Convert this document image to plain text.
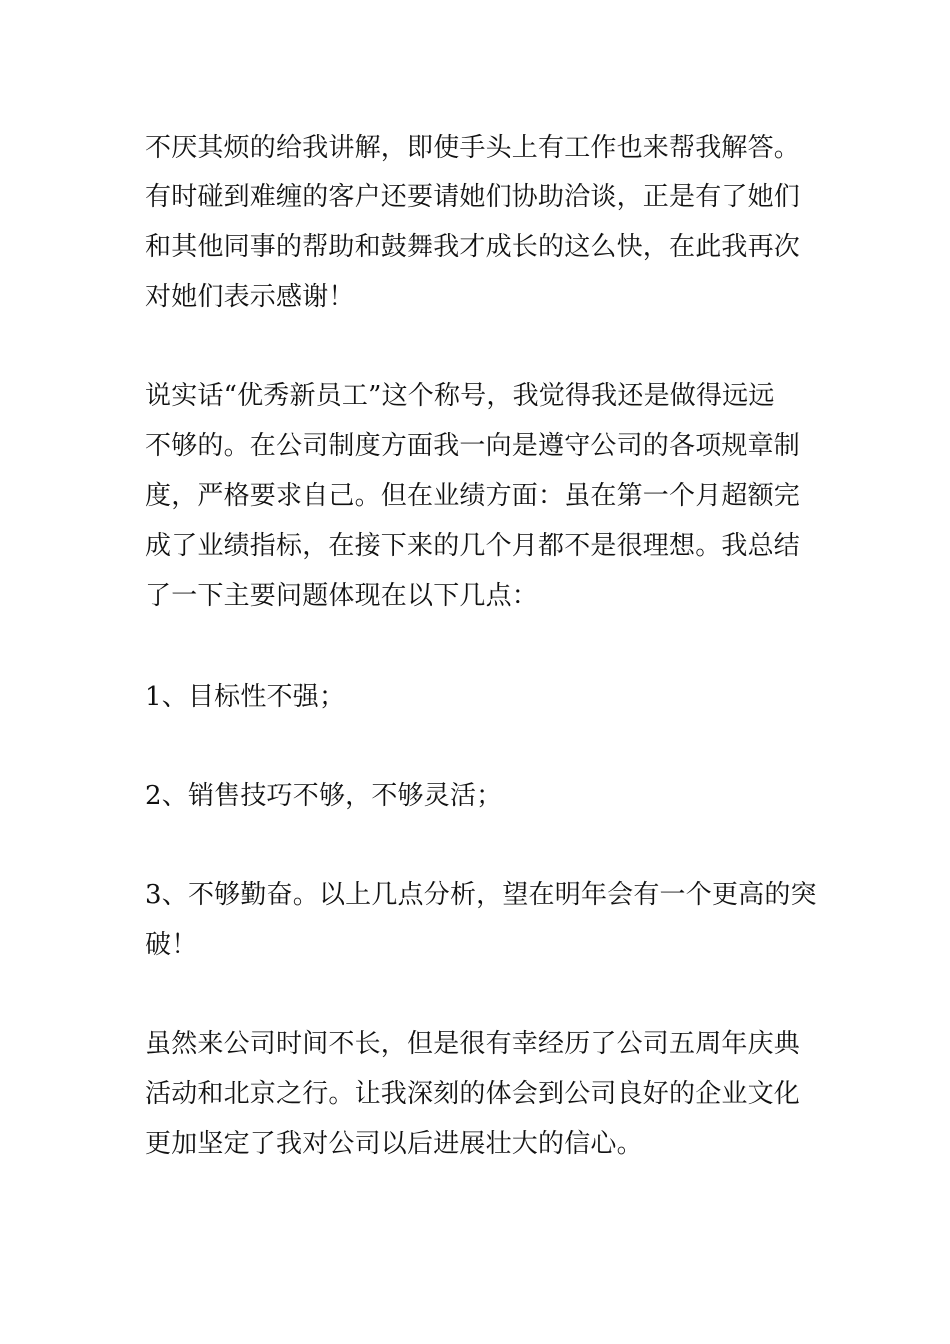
不厌其烦的给我讲解，即使手头上有工作也来帮我解答。

有时碰到难缠的客户还要请她们协助洽谈，正是有了她们

和其他同事的帮助和鼓舞我才成长的这么快，在此我再次

对她们表示感谢！

说实话“优秀新员工”这个称号，我觉得我还是做得远远

不够的。在公司制度方面我一向是遵守公司的各项规章制

度，严格要求自己。但在业绩方面：虽在第一个月超额完

成了业绩指标，在接下来的几个月都不是很理想。我总结

了一下主要问题体现在以下几点：

1、目标性不强；

2、销售技巧不够，不够灵活；

3、不够勤奋。以上几点分析，望在明年会有一个更高的突

破！

虽然来公司时间不长，但是很有幸经历了公司五周年庆典

活动和北京之行。让我深刻的体会到公司良好的企业文化

更加坚定了我对公司以后进展壮大的信心。
